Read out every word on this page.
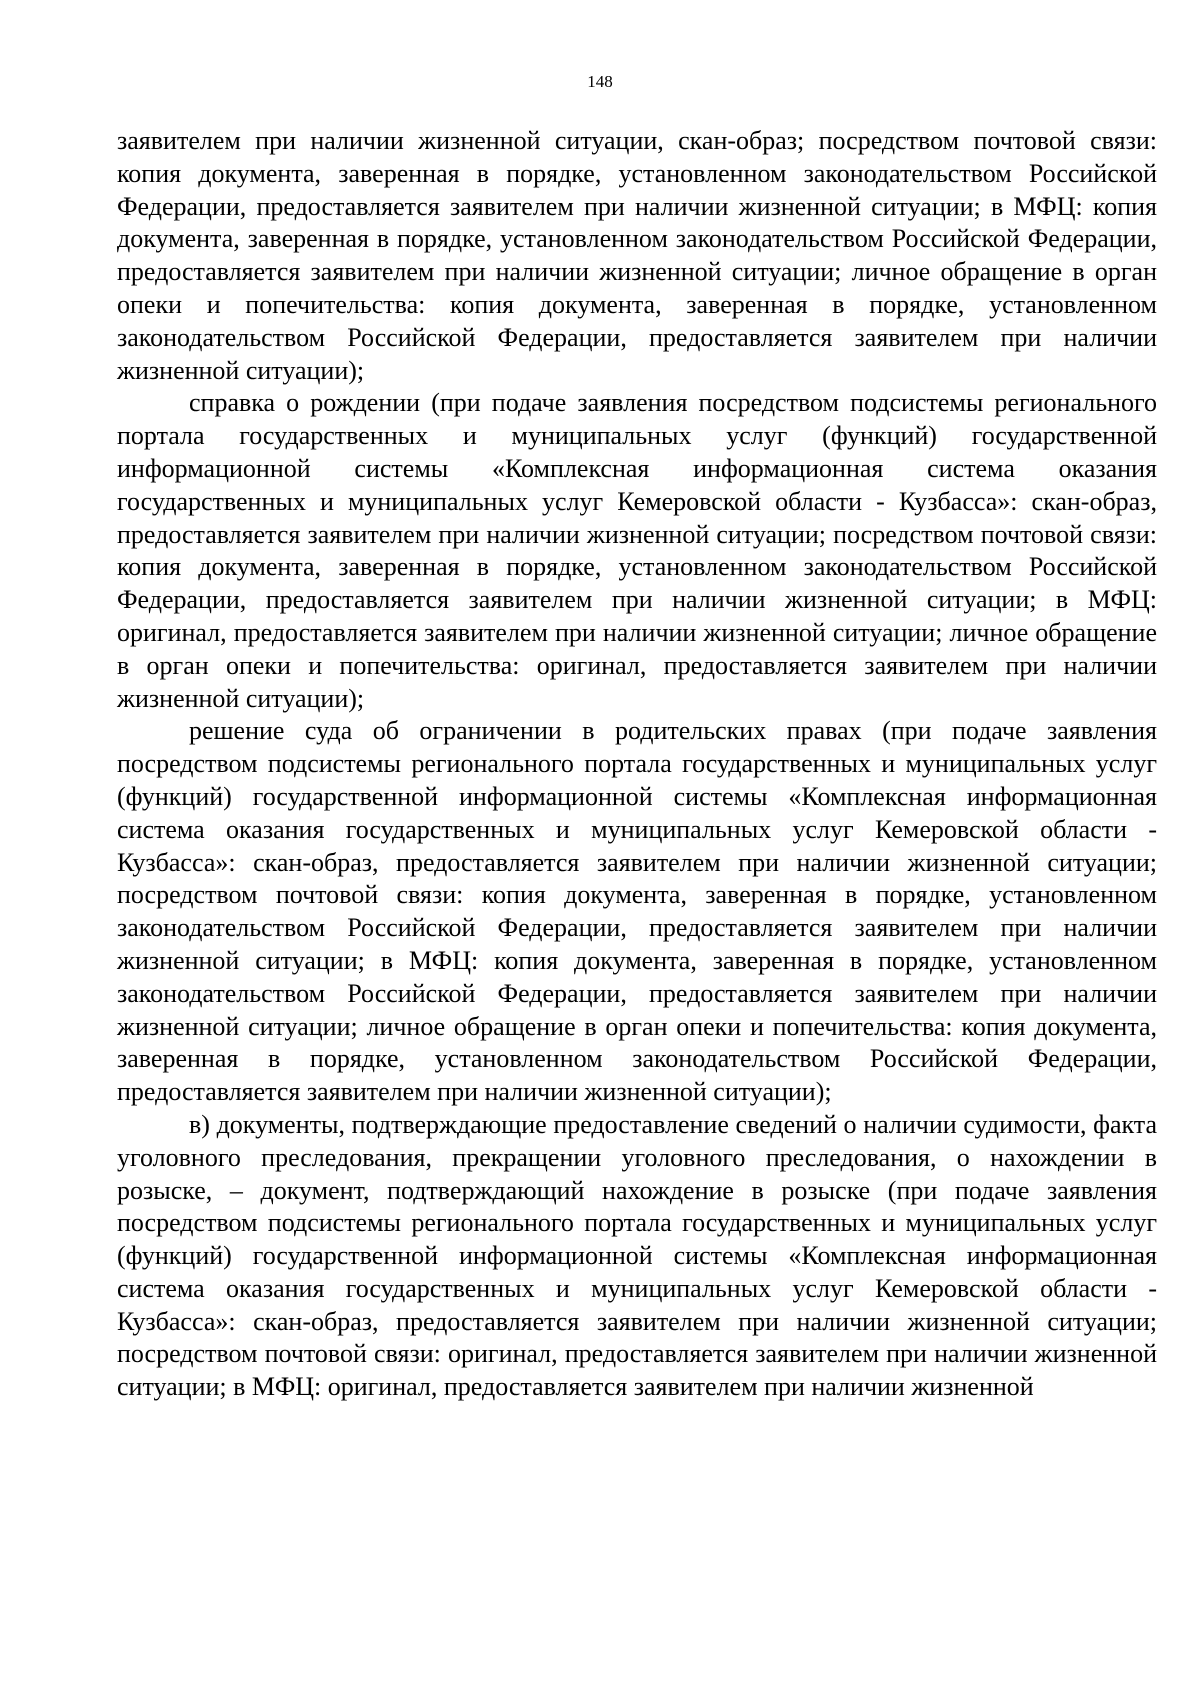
148

заявителем при наличии жизненной ситуации, скан-образ; посредством почтовой связи: копия документа, заверенная в порядке, установленном законодательством Российской Федерации, предоставляется заявителем при наличии жизненной ситуации; в МФЦ: копия документа, заверенная в порядке, установленном законодательством Российской Федерации, предоставляется заявителем при наличии жизненной ситуации; личное обращение в орган опеки и попечительства: копия документа, заверенная в порядке, установленном законодательством Российской Федерации, предоставляется заявителем при наличии жизненной ситуации);

справка о рождении (при подаче заявления посредством подсистемы регионального портала государственных и муниципальных услуг (функций) государственной информационной системы «Комплексная информационная система оказания государственных и муниципальных услуг Кемеровской области - Кузбасса»: скан-образ, предоставляется заявителем при наличии жизненной ситуации; посредством почтовой связи: копия документа, заверенная в порядке, установленном законодательством Российской Федерации, предоставляется заявителем при наличии жизненной ситуации; в МФЦ: оригинал, предоставляется заявителем при наличии жизненной ситуации; личное обращение в орган опеки и попечительства: оригинал, предоставляется заявителем при наличии жизненной ситуации);

решение суда об ограничении в родительских правах (при подаче заявления посредством подсистемы регионального портала государственных и муниципальных услуг (функций) государственной информационной системы «Комплексная информационная система оказания государственных и муниципальных услуг Кемеровской области - Кузбасса»: скан-образ, предоставляется заявителем при наличии жизненной ситуации; посредством почтовой связи: копия документа, заверенная в порядке, установленном законодательством Российской Федерации, предоставляется заявителем при наличии жизненной ситуации; в МФЦ: копия документа, заверенная в порядке, установленном законодательством Российской Федерации, предоставляется заявителем при наличии жизненной ситуации; личное обращение в орган опеки и попечительства: копия документа, заверенная в порядке, установленном законодательством Российской Федерации, предоставляется заявителем при наличии жизненной ситуации);

в) документы, подтверждающие предоставление сведений о наличии судимости, факта уголовного преследования, прекращении уголовного преследования, о нахождении в розыске, – документ, подтверждающий нахождение в розыске (при подаче заявления посредством подсистемы регионального портала государственных и муниципальных услуг (функций) государственной информационной системы «Комплексная информационная система оказания государственных и муниципальных услуг Кемеровской области - Кузбасса»: скан-образ, предоставляется заявителем при наличии жизненной ситуации; посредством почтовой связи: оригинал, предоставляется заявителем при наличии жизненной ситуации; в МФЦ: оригинал, предоставляется заявителем при наличии жизненной
